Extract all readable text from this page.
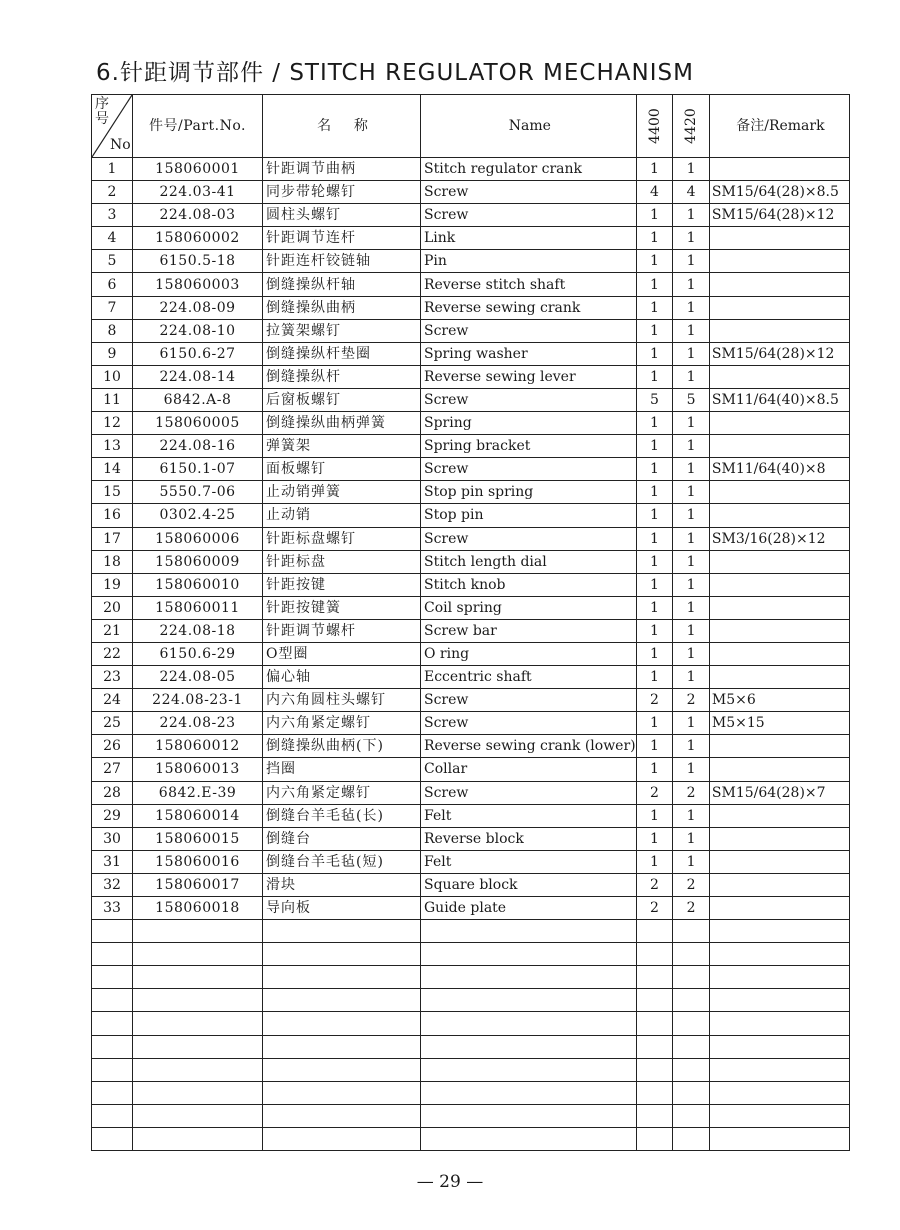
6.针距调节部件 / STITCH REGULATOR MECHANISM
序号
No	件号/Part.No.	名    称	Name	4400	4420	备注/Remark
1	158060001	针距调节曲柄	Stitch regulator crank	1	1	
2	224.03-41	同步带轮螺钉	Screw	4	4	SM15/64(28)×8.5
3	224.08-03	圆柱头螺钉	Screw	1	1	SM15/64(28)×12
4	158060002	针距调节连杆	Link	1	1	
5	6150.5-18	针距连杆铰链轴	Pin	1	1	
6	158060003	倒缝操纵杆轴	Reverse stitch shaft	1	1	
7	224.08-09	倒缝操纵曲柄	Reverse sewing crank	1	1	
8	224.08-10	拉簧架螺钉	Screw	1	1	
9	6150.6-27	倒缝操纵杆垫圈	Spring washer	1	1	SM15/64(28)×12
10	224.08-14	倒缝操纵杆	Reverse sewing lever	1	1	
11	6842.A-8	后窗板螺钉	Screw	5	5	SM11/64(40)×8.5
12	158060005	倒缝操纵曲柄弹簧	Spring	1	1	
13	224.08-16	弹簧架	Spring bracket	1	1	
14	6150.1-07	面板螺钉	Screw	1	1	SM11/64(40)×8
15	5550.7-06	止动销弹簧	Stop pin spring	1	1	
16	0302.4-25	止动销	Stop pin	1	1	
17	158060006	针距标盘螺钉	Screw	1	1	SM3/16(28)×12
18	158060009	针距标盘	Stitch length dial	1	1	
19	158060010	针距按键	Stitch knob	1	1	
20	158060011	针距按键簧	Coil spring	1	1	
21	224.08-18	针距调节螺杆	Screw bar	1	1	
22	6150.6-29	O型圈	O ring	1	1	
23	224.08-05	偏心轴	Eccentric shaft	1	1	
24	224.08-23-1	内六角圆柱头螺钉	Screw	2	2	M5×6
25	224.08-23	内六角紧定螺钉	Screw	1	1	M5×15
26	158060012	倒缝操纵曲柄(下)	Reverse sewing crank (lower)	1	1	
27	158060013	挡圈	Collar	1	1	
28	6842.E-39	内六角紧定螺钉	Screw	2	2	SM15/64(28)×7
29	158060014	倒缝台羊毛毡(长)	Felt	1	1	
30	158060015	倒缝台	Reverse block	1	1	
31	158060016	倒缝台羊毛毡(短)	Felt	1	1	
32	158060017	滑块	Square block	2	2	
33	158060018	导向板	Guide plate	2	2	

— 29 —
